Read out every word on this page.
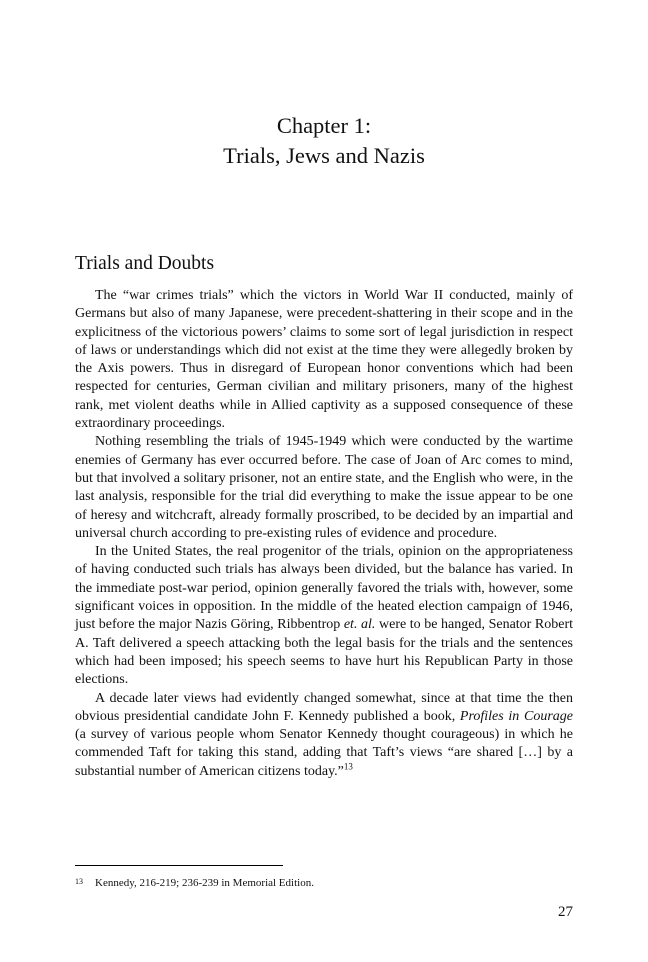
Chapter 1:
Trials, Jews and Nazis
Trials and Doubts

The “war crimes trials” which the victors in World War II conducted, mainly of Germans but also of many Japanese, were precedent-shattering in their scope and in the explicitness of the victorious powers’ claims to some sort of legal jurisdiction in respect of laws or understandings which did not exist at the time they were allegedly broken by the Axis powers. Thus in disregard of European honor conventions which had been respected for centuries, German civilian and military prisoners, many of the highest rank, met violent deaths while in Allied captivity as a supposed consequence of these extraordinary proceedings.

Nothing resembling the trials of 1945-1949 which were conducted by the wartime enemies of Germany has ever occurred before. The case of Joan of Arc comes to mind, but that involved a solitary prisoner, not an entire state, and the English who were, in the last analysis, responsible for the trial did everything to make the issue appear to be one of heresy and witchcraft, already formally proscribed, to be decided by an impartial and universal church according to pre-existing rules of evidence and procedure.

In the United States, the real progenitor of the trials, opinion on the appropriateness of having conducted such trials has always been divided, but the balance has varied. In the immediate post-war period, opinion generally favored the trials with, however, some significant voices in opposition. In the middle of the heated election campaign of 1946, just before the major Nazis Göring, Ribbentrop et. al. were to be hanged, Senator Robert A. Taft delivered a speech attacking both the legal basis for the trials and the sentences which had been imposed; his speech seems to have hurt his Republican Party in those elections.

A decade later views had evidently changed somewhat, since at that time the then obvious presidential candidate John F. Kennedy published a book, Profiles in Courage (a survey of various people whom Senator Kennedy thought courageous) in which he commended Taft for taking this stand, adding that Taft’s views “are shared […] by a substantial number of American citizens today.”$^{13}$

$^{13}$ Kennedy, 216-219; 236-239 in Memorial Edition.
27
